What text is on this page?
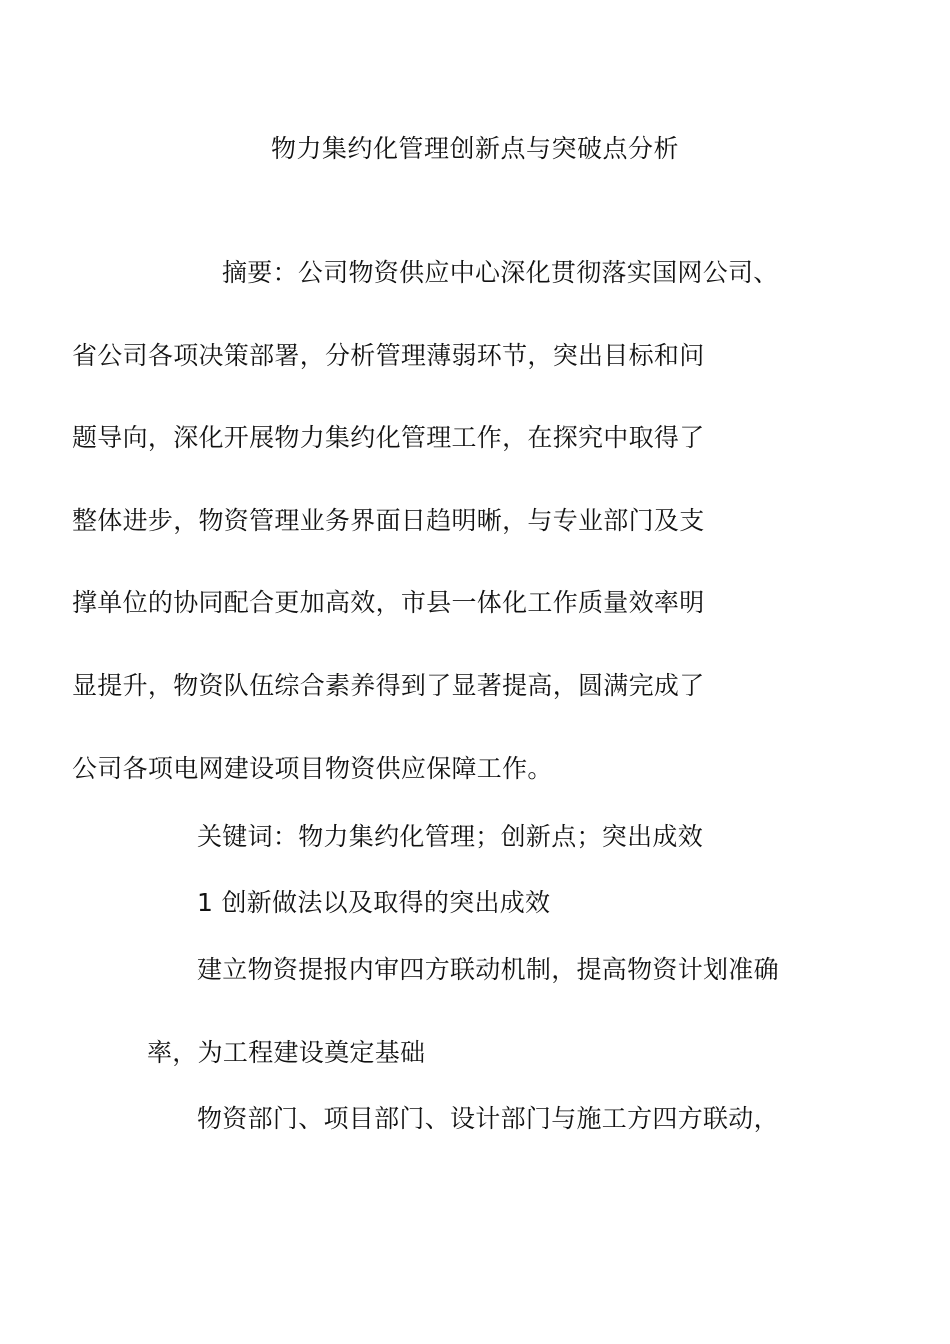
物力集约化管理创新点与突破点分析
摘要：公司物资供应中心深化贯彻落实国网公司、
省公司各项决策部署，分析管理薄弱环节，突出目标和问
题导向，深化开展物力集约化管理工作，在探究中取得了
整体进步，物资管理业务界面日趋明晰，与专业部门及支
撑单位的协同配合更加高效，市县一体化工作质量效率明
显提升，物资队伍综合素养得到了显著提高，圆满完成了
公司各项电网建设项目物资供应保障工作。
关键词：物力集约化管理；创新点；突出成效
1 创新做法以及取得的突出成效
建立物资提报内审四方联动机制，提高物资计划准确
率，为工程建设奠定基础
物资部门、项目部门、设计部门与施工方四方联动，
